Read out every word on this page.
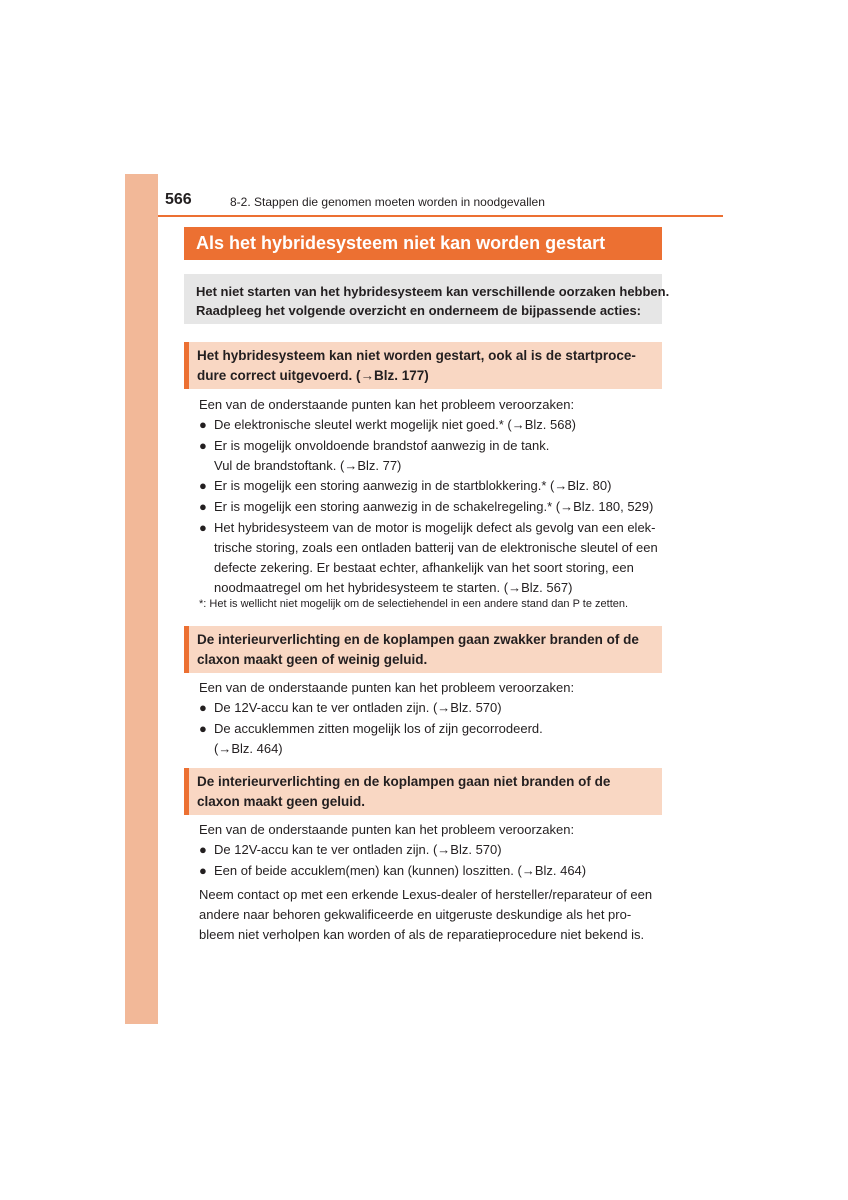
566	8-2. Stappen die genomen moeten worden in noodgevallen
Als het hybridesysteem niet kan worden gestart
Het niet starten van het hybridesysteem kan verschillende oorzaken hebben.
Raadpleeg het volgende overzicht en onderneem de bijpassende acties:
Het hybridesysteem kan niet worden gestart, ook al is de startproce-
dure correct uitgevoerd. (→Blz. 177)
Een van de onderstaande punten kan het probleem veroorzaken:
● De elektronische sleutel werkt mogelijk niet goed.* (→Blz. 568)
● Er is mogelijk onvoldoende brandstof aanwezig in de tank.
Vul de brandstoftank. (→Blz. 77)
● Er is mogelijk een storing aanwezig in de startblokkering.* (→Blz. 80)
● Er is mogelijk een storing aanwezig in de schakelregeling.* (→Blz. 180, 529)
● Het hybridesysteem van de motor is mogelijk defect als gevolg van een elek-
trische storing, zoals een ontladen batterij van de elektronische sleutel of een
defecte zekering. Er bestaat echter, afhankelijk van het soort storing, een
noodmaatregel om het hybridesysteem te starten. (→Blz. 567)
*: Het is wellicht niet mogelijk om de selectiehendel in een andere stand dan P te zetten.
De interieurverlichting en de koplampen gaan zwakker branden of de
claxon maakt geen of weinig geluid.
Een van de onderstaande punten kan het probleem veroorzaken:
● De 12V-accu kan te ver ontladen zijn. (→Blz. 570)
● De accuklemmen zitten mogelijk los of zijn gecorrodeerd.
(→Blz. 464)
De interieurverlichting en de koplampen gaan niet branden of de
claxon maakt geen geluid.
Een van de onderstaande punten kan het probleem veroorzaken:
● De 12V-accu kan te ver ontladen zijn. (→Blz. 570)
● Een of beide accuklem(men) kan (kunnen) loszitten. (→Blz. 464)
Neem contact op met een erkende Lexus-dealer of hersteller/reparateur of een
andere naar behoren gekwalificeerde en uitgeruste deskundige als het pro-
bleem niet verholpen kan worden of als de reparatieprocedure niet bekend is.
